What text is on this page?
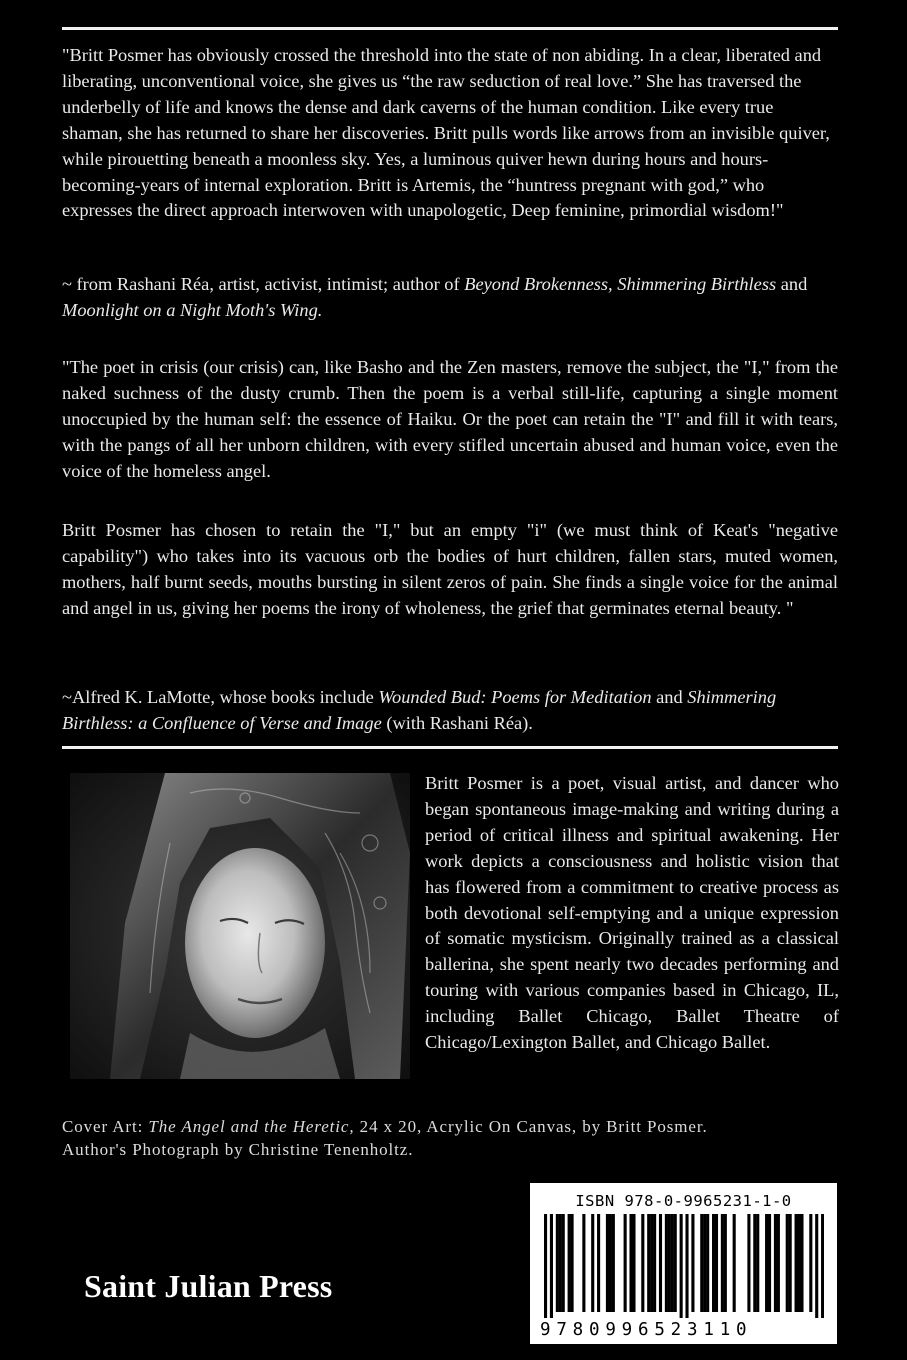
"Britt Posmer has obviously crossed the threshold into the state of non abiding. In a clear, liberated and liberating, unconventional voice, she gives us “the raw seduction of real love.” She has traversed the underbelly of life and knows the dense and dark caverns of the human condition. Like every true shaman, she has returned to share her discoveries. Britt pulls words like arrows from an invisible quiver, while pirouetting beneath a moonless sky. Yes, a luminous quiver hewn during hours and hours-becoming-years of internal exploration. Britt is Artemis, the “huntress pregnant with god,” who expresses the direct approach interwoven with unapologetic, Deep feminine, primordial wisdom!"

~ from Rashani Réa, artist, activist, intimist; author of Beyond Brokenness, Shimmering Birthless and Moonlight on a Night Moth's Wing.

"The poet in crisis (our crisis) can, like Basho and the Zen masters, remove the subject, the "I," from the naked suchness of the dusty crumb. Then the poem is a verbal still-life, capturing a single moment unoccupied by the human self: the essence of Haiku. Or the poet can retain the "I" and fill it with tears, with the pangs of all her unborn children, with every stifled uncertain abused and human voice, even the voice of the homeless angel.

Britt Posmer has chosen to retain the "I," but an empty "i" (we must think of Keat's "negative capability") who takes into its vacuous orb the bodies of hurt children, fallen stars, muted women, mothers, half burnt seeds, mouths bursting in silent zeros of pain. She finds a single voice for the animal and angel in us, giving her poems the irony of wholeness, the grief that germinates eternal beauty. "

~Alfred K. LaMotte, whose books include Wounded Bud: Poems for Meditation and Shimmering Birthless: a Confluence of Verse and Image (with Rashani Réa).

Britt Posmer is a poet, visual artist, and dancer who began spontaneous image-making and writing during a period of critical illness and spiritual awakening. Her work depicts a consciousness and holistic vision that has flowered from a commitment to creative process as both devotional self-emptying and a unique expression of somatic mysticism. Originally trained as a classical ballerina, she spent nearly two decades performing and touring with various companies based in Chicago, IL, including Ballet Chicago, Ballet Theatre of Chicago/Lexington Ballet, and Chicago Ballet.

Cover Art: The Angel and the Heretic, 24 x 20, Acrylic On Canvas, by Britt Posmer.
Author's Photograph by Christine Tenenholtz.

Saint Julian Press
ISBN 978-0-9965231-1-0
9780996523110
